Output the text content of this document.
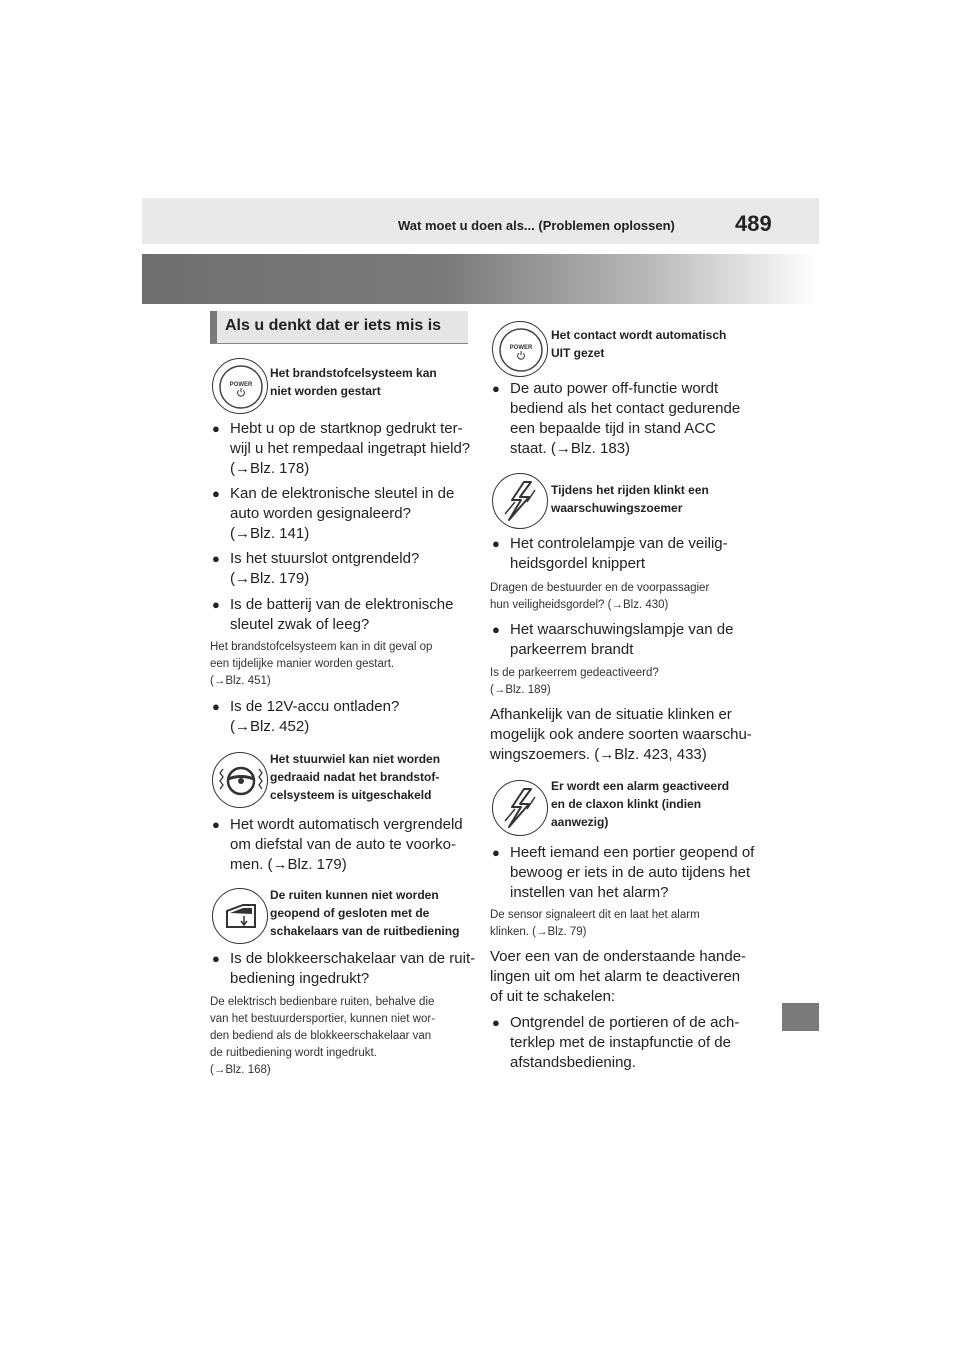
Wat moet u doen als... (Problemen oplossen)	489
Als u denkt dat er iets mis is
POWER
Het brandstofcelsysteem kan
niet worden gestart
● Hebt u op de startknop gedrukt ter-
wijl u het rempedaal ingetrapt hield?
(→Blz. 178)
● Kan de elektronische sleutel in de
auto worden gesignaleerd?
(→Blz. 141)
● Is het stuurslot ontgrendeld?
(→Blz. 179)
● Is de batterij van de elektronische
sleutel zwak of leeg?
Het brandstofcelsysteem kan in dit geval op
een tijdelijke manier worden gestart.
(→Blz. 451)
● Is de 12V-accu ontladen?
(→Blz. 452)
Het stuurwiel kan niet worden
gedraaid nadat het brandstof-
celsysteem is uitgeschakeld
● Het wordt automatisch vergrendeld
om diefstal van de auto te voorko-
men. (→Blz. 179)
De ruiten kunnen niet worden
geopend of gesloten met de
schakelaars van de ruitbediening
● Is de blokkeerschakelaar van de ruit-
bediening ingedrukt?
De elektrisch bedienbare ruiten, behalve die
van het bestuurdersportier, kunnen niet wor-
den bediend als de blokkeerschakelaar van
de ruitbediening wordt ingedrukt.
(→Blz. 168)
POWER
Het contact wordt automatisch
UIT gezet
● De auto power off-functie wordt
bediend als het contact gedurende
een bepaalde tijd in stand ACC
staat. (→Blz. 183)
Tijdens het rijden klinkt een
waarschuwingszoemer
● Het controlelampje van de veilig-
heidsgordel knippert
Dragen de bestuurder en de voorpassagier
hun veiligheidsgordel? (→Blz. 430)
● Het waarschuwingslampje van de
parkeerrem brandt
Is de parkeerrem gedeactiveerd?
(→Blz. 189)
Afhankelijk van de situatie klinken er
mogelijk ook andere soorten waarschu-
wingszoemers. (→Blz. 423, 433)
Er wordt een alarm geactiveerd
en de claxon klinkt (indien
aanwezig)
● Heeft iemand een portier geopend of
bewoog er iets in de auto tijdens het
instellen van het alarm?
De sensor signaleert dit en laat het alarm
klinken. (→Blz. 79)
Voer een van de onderstaande hande-
lingen uit om het alarm te deactiveren
of uit te schakelen:
● Ontgrendel de portieren of de ach-
terklep met de instapfunctie of de
afstandsbediening.
